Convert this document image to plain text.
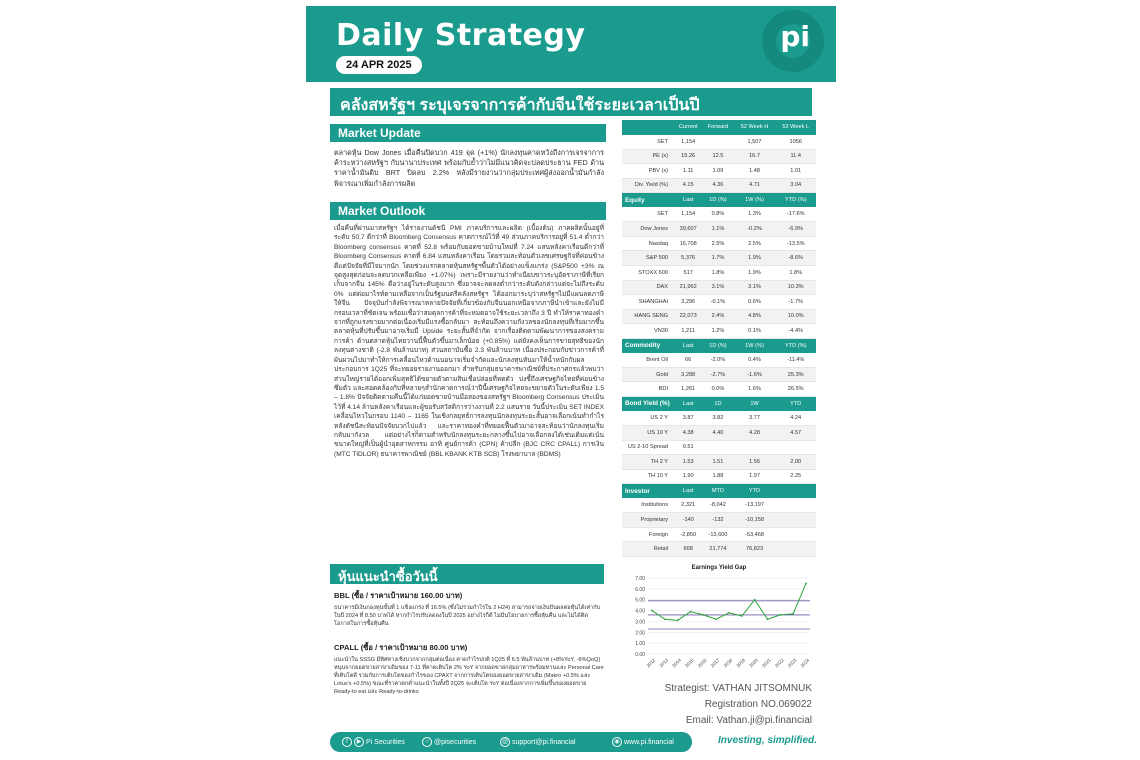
Daily Strategy
24 APR 2025
pi
คลังสหรัฐฯ ระบุเจรจาการค้ากับจีนใช้ระยะเวลาเป็นปี
Market Update
ตลาดหุ้น Dow Jones เมื่อคืนปิดบวก 419 จุด (+1%) นักลงทุนคาดหวังถึงการเจรจาการค้าระหว่างสหรัฐฯ กับนานาประเทศ พร้อมกับย้ำว่าไม่มีแนวคิดจะปลดประธาน FED ด้านราคาน้ำมันดิบ BRT ปิดลบ 2.2% หลังมีรายงานว่ากลุ่มประเทศผู้ส่งออกน้ำมันกำลังพิจารณาเพิ่มกำลังการผลิต
Market Outlook
เมื่อคืนที่ผ่านมาสหรัฐฯ ได้รายงานดัชนี PMI ภาคบริการและผลิต (เบื้องต้น) ภาคผลิตนั้นอยู่ที่ระดับ 50.7 ดีกว่าที่ Bloomberg Consensus คาดการณ์ไว้ที่ 49 ส่วนภาคบริการอยู่ที่ 51.4 ต่ำกว่า Bloomberg consensus คาดที่ 52.8 พร้อมกับยอดขายบ้านใหม่ที่ 7.24 แสนหลังคาเรือนดีกว่าที่ Bloomberg Consensus คาดที่ 6.84 แสนหลังคาเรือน โดยรวมสะท้อนตัวเลขเศรษฐกิจที่ค่อนข้างดีแต่ปัจจัยที่มีใจมากนัก โดยช่วงแรกตลาดหุ้นสหรัฐฯพื้นตัวได้อย่างแข็งแกร่ง (S&P500 +3% ณ จุดสูงสุดก่อนจะลดบวกเหลือเพียง +1.07%) เพราะมีรายงานว่าทำเนียบขาวระบุอัตราภาษีที่เรียกเก็บจากจีน 145% ดีอว่าอยู่ในระดับสูงมาก ซึ่งอาจจะลดลงต่ำกว่าระดับดังกล่าวแต่จะไม่ถึงระดับ 0% แต่ต่อมาไรท์ตามเหลือจากเบ็นรัฐมนตรีคลังสหรัฐฯ ได้ออกมาระบุว่าสหรัฐฯไม่มีแผนลดภาษีให้จีน ปัจจุบันกำลังพิจารณาหลายปัจจัยที่เกี่ยวข้องกับจีนนอกเหนือจากภาษีนำเข้าและยังไม่มีกรอบเวลาที่ชัดเจน พร้อมเชื่อว่าสมดุลการค้าที่จะหมดอาจใช้ระยะเวลาถึง 3 ปี ทำให้ราคาทองคำจากที่ถูกแรงขายมากต่อเนื่องเริ่มมีแรงซื้อกลับมา สะท้อนถึงความกังวลของนักลงทุนที่เริ่มมากขึ้นตลาดหุ้นที่ปรับขึ้นมาอาจเริ่มมี Upside ระยะสั้นที่จำกัด จากเรื่องติดตามพัฒนาการของสงครามการค้า ด้านตลาดหุ้นไทยวานนี้ฟื้นตัวขึ้นมาเล็กน้อย (+0.85%) แต่ยังคงเห็นการขายสุทธิของนักลงทุนต่างชาติ (-2.8 พันล้านบาท) ส่วนสถาบันซื้อ 2.3 พันล้านบาท เนื่องประกอบกับข่าวการค้าที่ผันผวนไปมาทำให้การเคลื่อนไหวด้านนอนาจเริ่มจำกัดและนักลงทุนหันมาให้น้ำหนักกับผลประกอบการ 1Q25 ที่จะทยอยรายงานออกมา สำหรับกลุ่มธนาคารพาณิชย์ที่ประกาศกรแล้วพบว่าส่วนใหญ่รายได้ออกเพิ่มสุทธิได้ขยายตัวตามสินเชื่อปล่อยที่หดตัว บ่งชี้ถึงเศรษฐกิจไทยที่ค่อนข้างซึมตัว และสอดคล้องกับที่หลายๆสำนักคาดการณ์ว่าปีนี้เศรษฐกิจไทยจะขยายตัวในระดับเพียง 1.5 – 1.8% ปัจจัยติดตามคืนนี้ได้แก่ยอดขายบ้านมือสองของสหรัฐฯ Bloomberg Consensus ประเมินไว้ที่ 4.14 ล้านหลังคาเรือนและผู้ขอรับสวัสดิการว่างงานที่ 2.2 แสนราย วันนี้ประเมิน SET INDEX เคลื่อนไหวในกรอบ 1140 – 1165 ในเชิงกลยุทธ์การลงทุนนักลงทุนระยะสั้นอาจเลือกเน้นทำกำไรหลังดัชนีสะท้อนปัจจัยบวกไปแล้ว และราคาทองคำที่ทยอยฟื้นตัวมาอาจสะท้อนว่านักลงทุนเริ่มกลับมากังวล แต่อย่างไรก็ตามสำหรับนักลงทุนระยะกลางขึ้นไปอาจเลือกลงได้เช่นเดิมแต่เน้นขนาดใหญ่ที่เป็นผู้นำอุตสาหกรรม อาทิ ศูนย์การค้า (CPN) ค้าปลีก (BJC CRC CPALL) การเงิน (MTC TIDLOR) ธนาคารพาณิชย์ (BBL KBANK KTB SCB) โรงพยาบาล (BDMS)
หุ้นแนะนำซื้อวันนี้
BBL (ซื้อ / ราคาเป้าหมาย 160.00 บาท)
ธนาคารมีเงินกองทุนขั้นที่ 1 แข็งแกร่ง ที่ 16.5% (ซึ่งไม่รวมกำไรใน 2 H24) สามารถจ่ายเงินปันผลต่อหุ้นได้เท่ากับในปี 2024 ที่ 8.50 บาทได้ หากกำไรปรับลดลงในปี 2025 อย่างไรก็ดี ไม่มีนโยบายการซื้อหุ้นคืน และไม่ได้ติดโอกาสในการซื้อหุ้นคืน
CPALL (ซื้อ / ราคาเป้าหมาย 80.00 บาท)
แนะนำใน SSSG มีทิศทางเชิงบวกจากกลุ่มต่อเนื่อง คาดกำไรปกติ 1Q25 ที่ 6.5 พันล้านบาท (+8%YoY, -6%QoQ) หนุนจากยอดขายสาขาเดิมของ 7-11 ที่คาดเติบโต 2% YoY จากยอดขายกลุ่มอาหารพร้อมทานและ Personal Care ที่เติบโตดี รวมกับการเติบโตของกำไรของ CPAXT จากการเติบโตของยอดขายสาขาเดิม (Makro +0.5% และ Lotus's +0.5%) ขณะที่ราคาตกต่ำแนะนำในทั้งปี 2Q25 จะเติบโต YoY ต่อเนื่องจากการเพิ่มขึ้นของยอดขาย Ready-to eat และ Ready-to-drinks
	Current	Forward	52 Week H	52 Week L
SET	1,154		1,507	1056
PE (x)	15.26	12.5	16.7	11.4
PBV (x)	1.11	1.09	1.48	1.01
Div. Yield (%)	4.15	4.36	4.71	3.04
Equity	Last	1D (%)	1W (%)	YTD (%)
SET	1,154	0.8%	1.3%	-17.6%
Dow Jones	39,607	1.1%	-0.2%	-6.9%
Nasdaq	16,708	2.5%	2.5%	-13.5%
S&P 500	5,376	1.7%	1.9%	-8.6%
STOXX 600	517	1.8%	1.9%	1.8%
DAX	21,962	3.1%	3.1%	10.3%
SHANGHAI	3,296	-0.1%	0.6%	-1.7%
HANG SENG	22,073	2.4%	4.8%	10.0%
VN30	1,211	1.2%	0.1%	-4.4%
Commodity	Last	1D (%)	1W (%)	YTD (%)
Brent Oil	66	-2.0%	0.4%	-11.4%
Gold	3,288	-2.7%	-1.6%	25.3%
BDI	1,261	0.0%	1.6%	26.5%
Bond Yield (%)	Last	1D	1W	YTD
US 2 Y	3.87	3.82	3.77	4.24
US 10 Y	4.38	4.40	4.28	4.57
US 2-10 Spread	0.51			
TH 2 Y	1.53	1.51	1.56	2.00
TH 10 Y	1.90	1.88	1.97	2.25
Investor	Last	MTD	YTD	
Institutions	2,321	-8,042	-13,197	
Proprietary	-140	-132	-10,158	
Foreign	-2,850	-13,600	-53,468	
Retail	668	21,774	76,823	
Earnings Yield Gap
0.00
1.00
2.00
3.00
4.00
5.00
6.00
7.00
2012 2013 2014 2015 2016 2017 2018 2019 2020 2021 2022 2023 2024
Strategist: VATHAN JITSOMNUK
Registration NO.069022
Email: Vathan.ji@pi.financial
f ▶ Pi Securities	○ @pisecurities	@ support@pi.financial	◉ www.pi.financial	Investing, simplified.
